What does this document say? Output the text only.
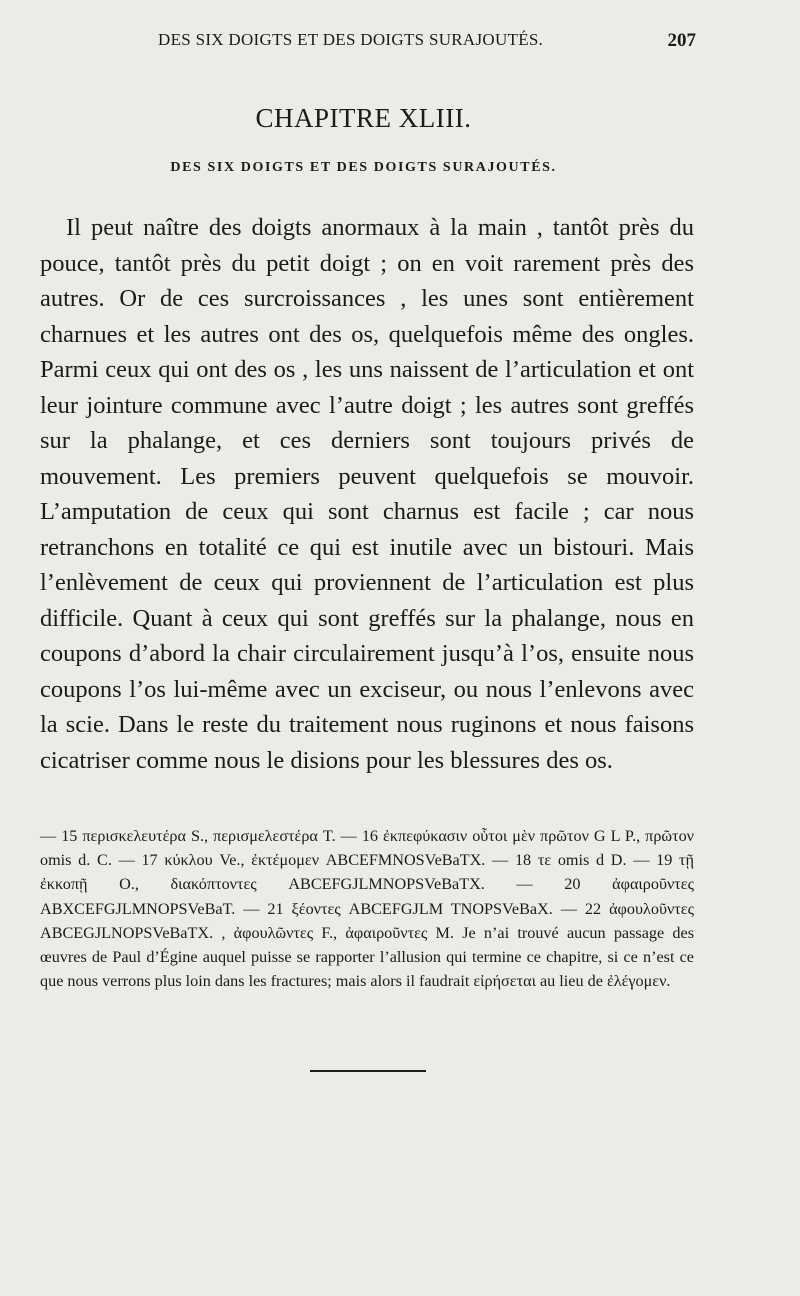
DES SIX DOIGTS ET DES DOIGTS SURAJOUTÉS.	207
CHAPITRE XLIII.
DES SIX DOIGTS ET DES DOIGTS SURAJOUTÉS.

Il peut naître des doigts anormaux à la main , tantôt près du pouce, tantôt près du petit doigt ; on en voit rarement près des autres. Or de ces surcroissances , les unes sont entièrement charnues et les autres ont des os, quelquefois même des ongles. Parmi ceux qui ont des os , les uns naissent de l’articulation et ont leur jointure commune avec l’autre doigt ; les autres sont greffés sur la phalange, et ces derniers sont toujours privés de mouvement. Les premiers peuvent quelquefois se mouvoir. L’amputation de ceux qui sont charnus est facile ; car nous retranchons en totalité ce qui est inutile avec un bistouri. Mais l’enlèvement de ceux qui proviennent de l’articulation est plus difficile. Quant à ceux qui sont greffés sur la phalange, nous en coupons d’abord la chair circulairement jusqu’à l’os, ensuite nous coupons l’os lui-même avec un exciseur, ou nous l’enlevons avec la scie. Dans le reste du traitement nous ruginons et nous faisons cicatriser comme nous le disions pour les blessures des os.

— 15 περισκελευτέρα S., περισμελεστέρα T. — 16 ἐκπεφύκασιν οὗτοι μὲν πρῶτον G L P., πρῶτον omis d. C. — 17 κύκλου Ve., ἐκτέμομεν ABCEFMNOSVeBaTX. — 18 τε omis d D. — 19 τῇ ἐκκοπῇ O., διακόπτοντες ABCEFGJLMNOPSVeBaTX. — 20 ἀφαιροῦντες ABXCEFGJLMNOPSVeBaT. — 21 ξέοντες ABCEFGJLM TNOPSVeBaX. — 22 ἀφουλοῦντες ABCEGJLNOPSVeBaTX. , ἀφουλῶντες F., ἀφαιροῦντες M. Je n’ai trouvé aucun passage des œuvres de Paul d’Égine auquel puisse se rapporter l’allusion qui termine ce chapitre, si ce n’est ce que nous verrons plus loin dans les fractures; mais alors il faudrait εἰρήσεται au lieu de ἐλέγομεν.
